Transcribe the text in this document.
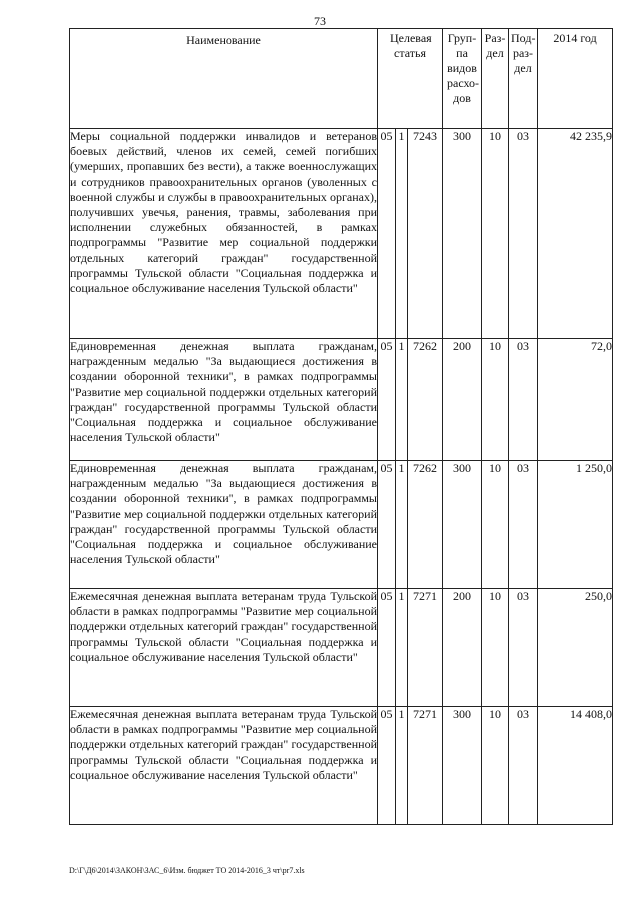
73
Наименование	Целевая статья			Груп-па видов расхо-дов	Раз-дел	Под-раз-дел	2014 год

Меры социальной поддержки инвалидов и ветеранов боевых действий, членов их семей, семей погибших (умерших, пропавших без вести), а также военнослужащих и сотрудников правоохранительных органов (уволенных с военной службы и службы в правоохранительных органах), получивших увечья, ранения, травмы, заболевания при исполнении служебных обязанностей, в рамках подпрограммы "Развитие мер социальной поддержки отдельных категорий граждан" государственной программы Тульской области "Социальная поддержка и социальное обслуживание населения Тульской области"	05	1	7243	300	10	03	42 235,9
Единовременная денежная выплата гражданам, награжденным медалью "За выдающиеся достижения в создании оборонной техники", в рамках подпрограммы "Развитие мер социальной поддержки отдельных категорий граждан" государственной программы Тульской области "Социальная поддержка и социальное обслуживание населения Тульской области"	05	1	7262	200	10	03	72,0
Единовременная денежная выплата гражданам, награжденным медалью "За выдающиеся достижения в создании оборонной техники", в рамках подпрограммы "Развитие мер социальной поддержки отдельных категорий граждан" государственной программы Тульской области "Социальная поддержка и социальное обслуживание населения Тульской области"	05	1	7262	300	10	03	1 250,0
Ежемесячная денежная выплата ветеранам труда Тульской области в рамках подпрограммы "Развитие мер социальной поддержки отдельных категорий граждан" государственной программы Тульской области "Социальная поддержка и социальное обслуживание населения Тульской области"	05	1	7271	200	10	03	250,0
Ежемесячная денежная выплата ветеранам труда Тульской области в рамках подпрограммы "Развитие мер социальной поддержки отдельных категорий граждан" государственной программы Тульской области "Социальная поддержка и социальное обслуживание населения Тульской области"	05	1	7271	300	10	03	14 408,0
D:\Г\Д6\2014\ЗАКОН\ЗАС_6\Изм. бюджет ТО 2014-2016_3 чт\pr7.xls
